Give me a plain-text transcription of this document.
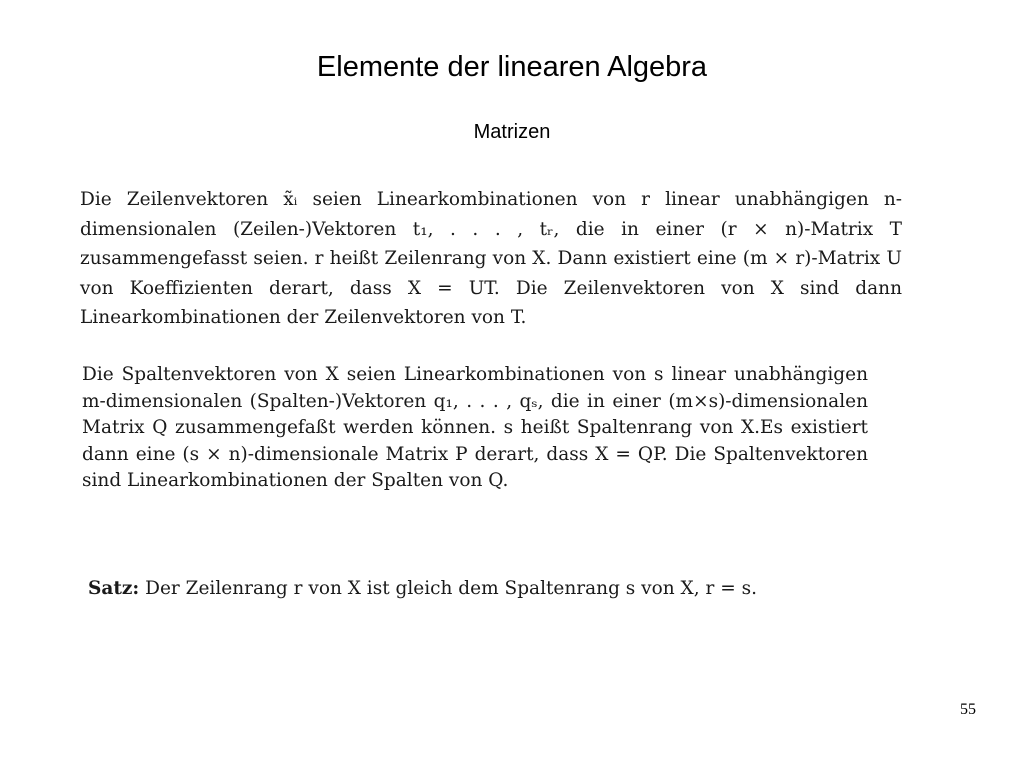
Elemente der linearen Algebra
Matrizen

Die Zeilenvektoren x̃ᵢ seien Linearkombinationen von r linear unabhängigen n-dimensionalen (Zeilen-)Vektoren t₁, . . . , tᵣ, die in einer (r × n)-Matrix T zusammengefasst seien. r heißt Zeilenrang von X. Dann existiert eine (m × r)-Matrix U von Koeffizienten derart, dass X = UT. Die Zeilenvektoren von X sind dann Linearkombinationen der Zeilenvektoren von T.

Die Spaltenvektoren von X seien Linearkombinationen von s linear unabhängigen m-dimensionalen (Spalten-)Vektoren q₁, . . . , qₛ, die in einer (m×s)-dimensionalen Matrix Q zusammengefaßt werden können. s heißt Spaltenrang von X.Es existiert dann eine (s × n)-dimensionale Matrix P derart, dass X = QP. Die Spaltenvektoren sind Linearkombinationen der Spalten von Q.

Satz: Der Zeilenrang r von X ist gleich dem Spaltenrang s von X, r = s.

55
